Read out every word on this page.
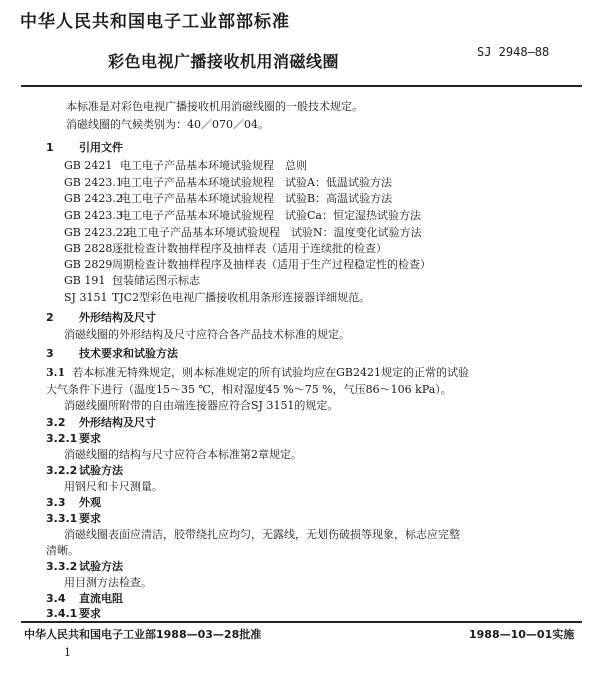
中华人民共和国电子工业部部标准
彩色电视广播接收机用消磁线圈	SJ 2948—88
本标准是对彩色电视广播接收机用消磁线圈的一般技术规定。
消磁线圈的气候类别为：40／070／04。
1 引用文件
GB 2421 电工电子产品基本环境试验规程　总则
GB 2423.1电工电子产品基本环境试验规程　试验A：低温试验方法
GB 2423.2电工电子产品基本环境试验规程　试验B：高温试验方法
GB 2423.3电工电子产品基本环境试验规程　试验Ca：恒定湿热试验方法
GB 2423.22电工电子产品基本环境试验规程　试验N：温度变化试验方法
GB 2828逐批检查计数抽样程序及抽样表（适用于连续批的检查）
GB 2829周期检查计数抽样程序及抽样表（适用于生产过程稳定性的检查）
GB 191 包装储运图示标志
SJ 3151 TJC2型彩色电视广播接收机用条形连接器详细规范。
2 外形结构及尺寸
消磁线圈的外形结构及尺寸应符合各产品技术标准的规定。
3 技术要求和试验方法
3.1 若本标准无特殊规定，则本标准规定的所有试验均应在GB2421规定的正常的试验
大气条件下进行（温度15～35 ℃，相对湿度45 %～75 %，气压86～106 kPa）。
消磁线圈所附带的自由端连接器应符合SJ 3151的规定。
3.2 外形结构及尺寸
3.2.1 要求
消磁线圈的结构与尺寸应符合本标准第2章规定。
3.2.2 试验方法
用钢尺和卡尺测量。
3.3 外观
3.3.1 要求
消磁线圈表面应清洁，胶带绕扎应均匀，无露线，无划伤破损等现象，标志应完整
清晰。
3.3.2 试验方法
用目测方法检查。
3.4 直流电阻
3.4.1 要求
中华人民共和国电子工业部1988—03—28批准	1988—10—01实施
1
